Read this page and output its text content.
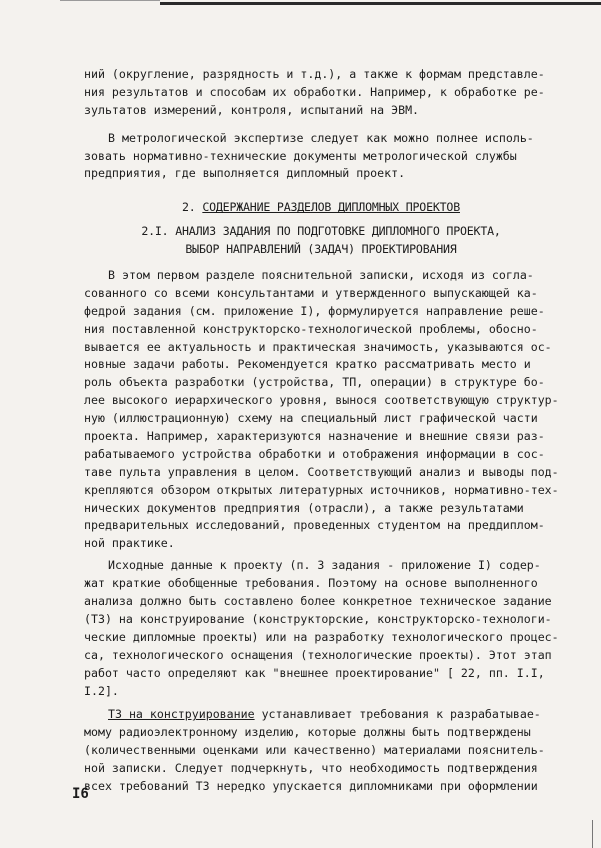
ний (округление, разрядность и т.д.), а также к формам представле-
ния результатов и способам их обработки. Например, к обработке ре-
зультатов измерений, контроля, испытаний на ЭВМ.
В метрологической экспертизе следует как можно полнее исполь-
зовать нормативно-технические документы метрологической службы
предприятия, где выполняется дипломный проект.
2. СОДЕРЖАНИЕ РАЗДЕЛОВ ДИПЛОМНЫХ ПРОЕКТОВ
2.I. АНАЛИЗ ЗАДАНИЯ ПО ПОДГОТОВКЕ ДИПЛОМНОГО ПРОЕКТА,
ВЫБОР НАПРАВЛЕНИЙ (ЗАДАЧ) ПРОЕКТИРОВАНИЯ
В этом первом разделе пояснительной записки, исходя из согла-
сованного со всеми консультантами и утвержденного выпускающей ка-
федрой задания (см. приложение I), формулируется направление реше-
ния поставленной конструкторско-технологической проблемы, обосно-
вывается ее актуальность и практическая значимость, указываются ос-
новные задачи работы. Рекомендуется кратко рассматривать место и
роль объекта разработки (устройства, ТП, операции) в структуре бо-
лее высокого иерархического уровня, вынося соответствующую структур-
ную (иллюстрационную) схему на специальный лист графической части
проекта. Например, характеризуются назначение и внешние связи раз-
рабатываемого устройства обработки и отображения информации в сос-
таве пульта управления в целом. Соответствующий анализ и выводы под-
крепляются обзором открытых литературных источников, нормативно-тех-
нических документов предприятия (отрасли), а также результатами
предварительных исследований, проведенных студентом на преддиплом-
ной практике.
Исходные данные к проекту (п. 3 задания - приложение I) содер-
жат краткие обобщенные требования. Поэтому на основе выполненного
анализа должно быть составлено более конкретное техническое задание
(ТЗ) на конструирование (конструкторские, конструкторско-технологи-
ческие дипломные проекты) или на разработку технологического процес-
са, технологического оснащения (технологические проекты). Этот этап
работ часто определяют как "внешнее проектирование" [ 22, пп. I.I,
I.2].
ТЗ на конструирование устанавливает требования к разрабатывае-
мому радиоэлектронному изделию, которые должны быть подтверждены
(количественными оценками или качественно) материалами пояснитель-
ной записки. Следует подчеркнуть, что необходимость подтверждения
всех требований ТЗ нередко упускается дипломниками при оформлении
I6
